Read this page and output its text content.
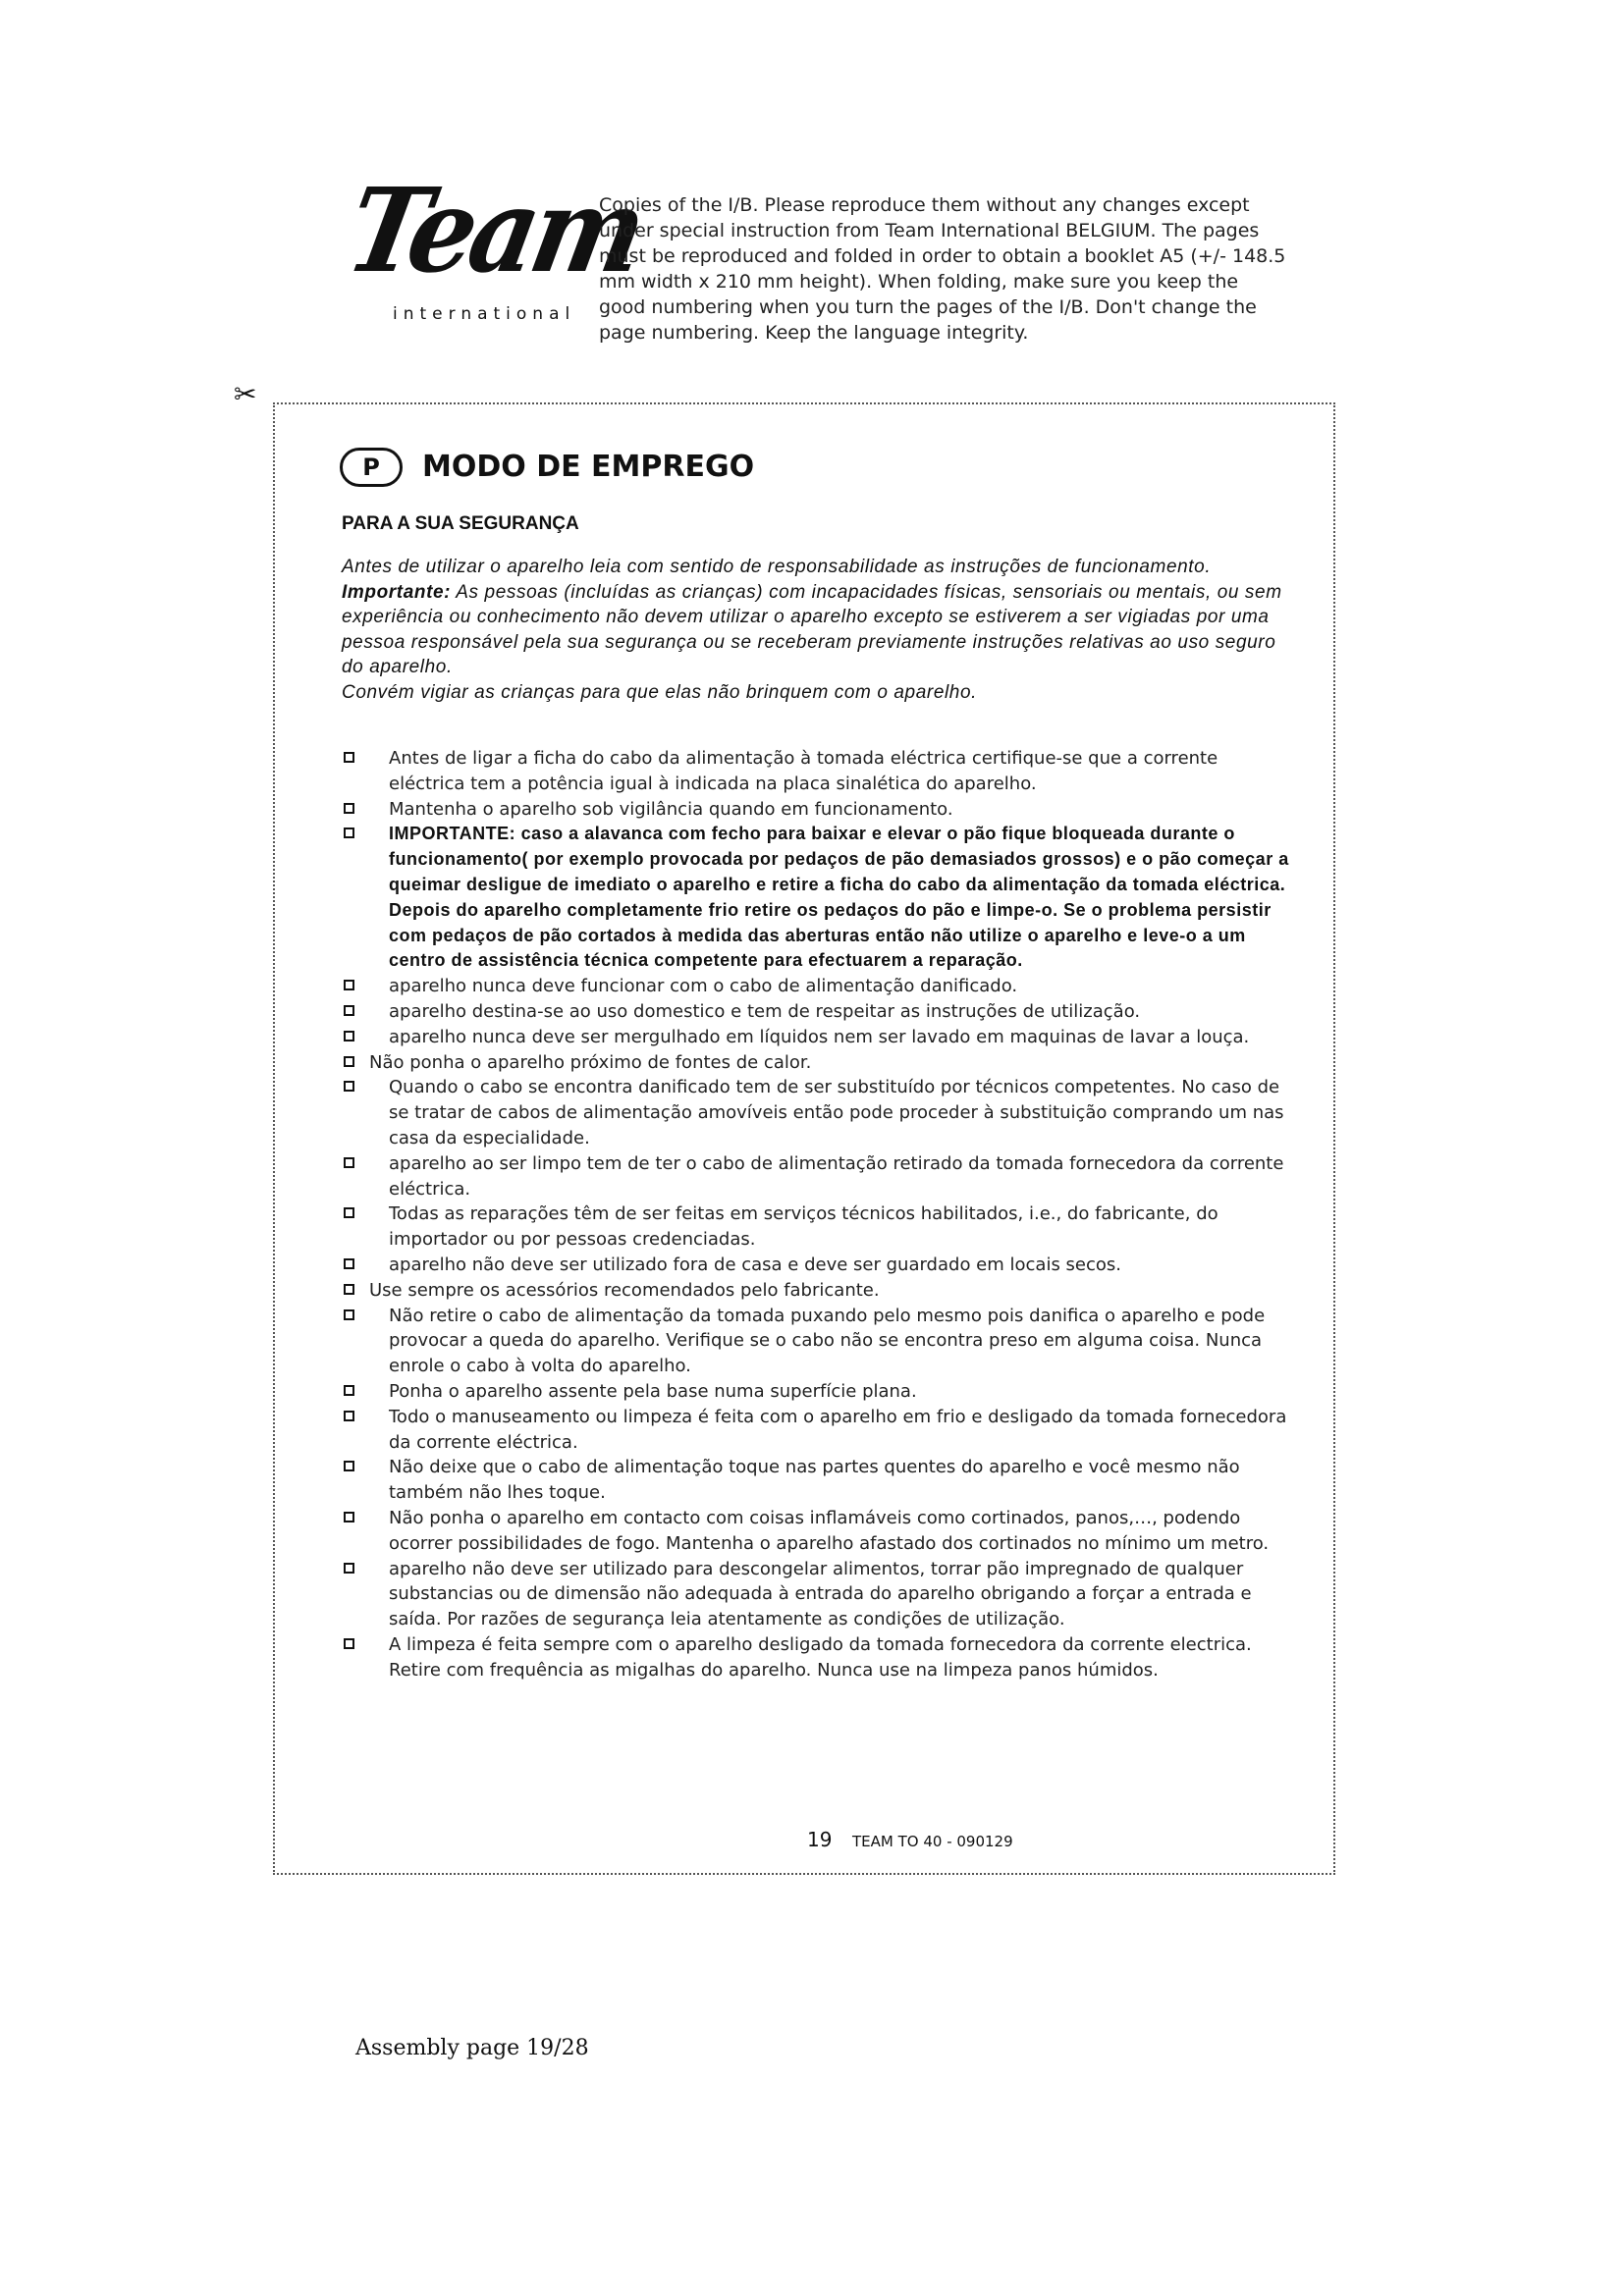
Team
international
Copies of the I/B. Please reproduce them without any changes except under special instruction from Team International BELGIUM. The pages must be reproduced and folded in order to obtain a booklet A5 (+/- 148.5 mm width x 210 mm height). When folding, make sure you keep the good numbering when you turn the pages of the I/B. Don't change the page numbering. Keep the language integrity.
✂
P	MODO DE EMPREGO
PARA A SUA SEGURANÇA

Antes de utilizar o aparelho leia com sentido de responsabilidade as instruções de funcionamento.

Importante: As pessoas (incluídas as crianças) com incapacidades físicas, sensoriais ou mentais, ou sem experiência ou conhecimento não devem utilizar o aparelho excepto se estiverem a ser vigiadas por uma pessoa responsável pela sua segurança ou se receberam previamente instruções relativas ao uso seguro do aparelho.

Convém vigiar as crianças para que elas não brinquem com o aparelho.

Antes de ligar a ficha do cabo da alimentação à tomada eléctrica certifique-se que a corrente eléctrica tem a potência igual à indicada na placa sinalética do aparelho.
Mantenha o aparelho sob vigilância quando em funcionamento.
IMPORTANTE: caso a alavanca com fecho para baixar e elevar o pão fique bloqueada durante o funcionamento( por exemplo provocada por pedaços de pão demasiados grossos) e o pão começar a queimar desligue de imediato o aparelho e retire a ficha do cabo da alimentação da tomada eléctrica. Depois do aparelho completamente frio retire os pedaços do pão e limpe-o. Se o problema persistir com pedaços de pão cortados à medida das aberturas então não utilize o aparelho e leve-o a um centro de assistência técnica competente para efectuarem a reparação.
aparelho nunca deve funcionar com o cabo de alimentação danificado.
aparelho destina-se ao uso domestico e tem de respeitar as instruções de utilização.
aparelho nunca deve ser mergulhado em líquidos nem ser lavado em maquinas de lavar a louça.
Não ponha o aparelho próximo de fontes de calor.
Quando o cabo se encontra danificado tem de ser substituído por técnicos competentes. No caso de se tratar de cabos de alimentação amovíveis então pode proceder à substituição comprando um nas casa da especialidade.
aparelho ao ser limpo tem de ter o cabo de alimentação retirado da tomada fornecedora da corrente eléctrica.
Todas as reparações têm de ser feitas em serviços técnicos habilitados, i.e., do fabricante, do importador ou por pessoas credenciadas.
aparelho não deve ser utilizado fora de casa e deve ser guardado em locais secos.
Use sempre os acessórios recomendados pelo fabricante.
Não retire o cabo de alimentação da tomada puxando pelo mesmo pois danifica o aparelho e pode provocar a queda do aparelho. Verifique se o cabo não se encontra preso em alguma coisa. Nunca enrole o cabo à volta do aparelho.
Ponha o aparelho assente pela base numa superfície plana.
Todo o manuseamento ou limpeza é feita com o aparelho em frio e desligado da tomada fornecedora da corrente eléctrica.
Não deixe que o cabo de alimentação toque nas partes quentes do aparelho e você mesmo não também não lhes toque.
Não ponha o aparelho em contacto com coisas inflamáveis como cortinados, panos,…, podendo ocorrer possibilidades de fogo. Mantenha o aparelho afastado dos cortinados no mínimo um metro.
aparelho não deve ser utilizado para descongelar alimentos, torrar pão impregnado de qualquer substancias ou de dimensão não adequada à entrada do aparelho obrigando a forçar a entrada e saída. Por razões de segurança leia atentamente as condições de utilização.
A limpeza é feita sempre com o aparelho desligado da tomada fornecedora da corrente electrica. Retire com frequência as migalhas do aparelho. Nunca use na limpeza panos húmidos.
19 TEAM TO 40 - 090129
Assembly page 19/28
